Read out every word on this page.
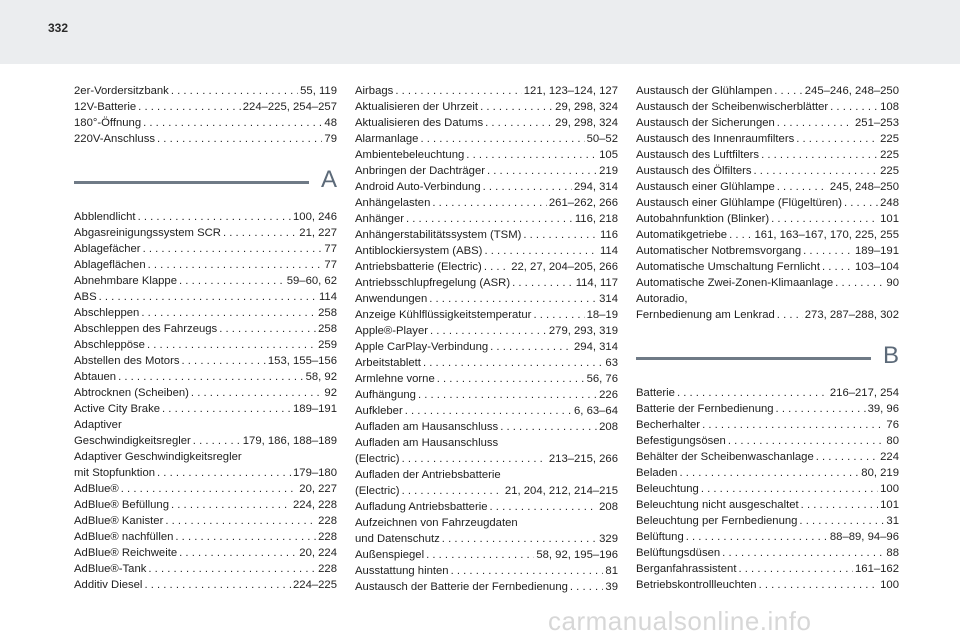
332
2er-Vordersitzbank . . .	55, 119
12V-Batterie . . .	224–225, 254–257
180°-Öffnung . . .	48
220V-Anschluss . . .	79
A
Abblendlicht . . .	100, 246
Abgasreinigungssystem SCR . . .	21, 227
Ablagefächer . . .	77
Ablageflächen . . .	77
Abnehmbare Klappe . . .	59–60, 62
ABS . . .	114
Abschleppen . . .	258
Abschleppen des Fahrzeugs . . .	258
Abschleppöse . . .	259
Abstellen des Motors . . .	153, 155–156
Abtauen . . .	58, 92
Abtrocknen (Scheiben) . . .	92
Active City Brake . . .	189–191
Adaptiver
Geschwindigkeitsregler . . .	179, 186, 188–189
Adaptiver Geschwindigkeitsregler
mit Stopfunktion . . .	179–180
AdBlue® . . .	20, 227
AdBlue® Befüllung . . .	224, 228
AdBlue® Kanister . . .	228
AdBlue® nachfüllen . . .	228
AdBlue® Reichweite . . .	20, 224
AdBlue®-Tank . . .	228
Additiv Diesel . . .	224–225
Airbags . . .	121, 123–124, 127
Aktualisieren der Uhrzeit . . .	29, 298, 324
Aktualisieren des Datums . . .	29, 298, 324
Alarmanlage . . .	50–52
Ambientebeleuchtung . . .	105
Anbringen der Dachträger . . .	219
Android Auto-Verbindung . . .	294, 314
Anhängelasten . . .	261–262, 266
Anhänger . . .	116, 218
Anhängerstabilitätssystem (TSM) . . .	116
Antiblockiersystem (ABS) . . .	114
Antriebsbatterie (Electric) . . .	22, 27, 204–205, 266
Antriebsschlupfregelung (ASR) . . .	114, 117
Anwendungen . . .	314
Anzeige Kühlflüssigkeitstemperatur . . .	18–19
Apple®-Player . . .	279, 293, 319
Apple CarPlay-Verbindung . . .	294, 314
Arbeitstablett . . .	63
Armlehne vorne . . .	56, 76
Aufhängung . . .	226
Aufkleber . . .	6, 63–64
Aufladen am Hausanschluss . . .	208
Aufladen am Hausanschluss
(Electric) . . .	213–215, 266
Aufladen der Antriebsbatterie
(Electric) . . .	21, 204, 212, 214–215
Aufladung Antriebsbatterie . . .	208
Aufzeichnen von Fahrzeugdaten
und Datenschutz . . .	329
Außenspiegel . . .	58, 92, 195–196
Ausstattung hinten . . .	81
Austausch der Batterie der Fernbedienung . . .	39
Austausch der Glühlampen . . .	245–246, 248–250
Austausch der Scheibenwischerblätter . . .	108
Austausch der Sicherungen . . .	251–253
Austausch des Innenraumfilters . . .	225
Austausch des Luftfilters . . .	225
Austausch des Ölfilters . . .	225
Austausch einer Glühlampe . . .	245, 248–250
Austausch einer Glühlampe (Flügeltüren) . . .	248
Autobahnfunktion (Blinker) . . .	101
Automatikgetriebe . . . 161, 163–167, 170, 225, 255
Automatischer Notbremsvorgang . . .	189–191
Automatische Umschaltung Fernlicht . . .	103–104
Automatische Zwei-Zonen-Klimaanlage . . .	90
Autoradio,
Fernbedienung am Lenkrad . . .	273, 287–288, 302
B
Batterie . . .	216–217, 254
Batterie der Fernbedienung . . .	39, 96
Becherhalter . . .	76
Befestigungsösen . . .	80
Behälter der Scheibenwaschanlage . . .	224
Beladen . . .	80, 219
Beleuchtung . . .	100
Beleuchtung nicht ausgeschaltet . . .	101
Beleuchtung per Fernbedienung . . .	31
Belüftung . . .	88–89, 94–96
Belüftungsdüsen . . .	88
Berganfahrassistent . . .	161–162
Betriebskontrollleuchten . . .	100
carmanualsonline.info
